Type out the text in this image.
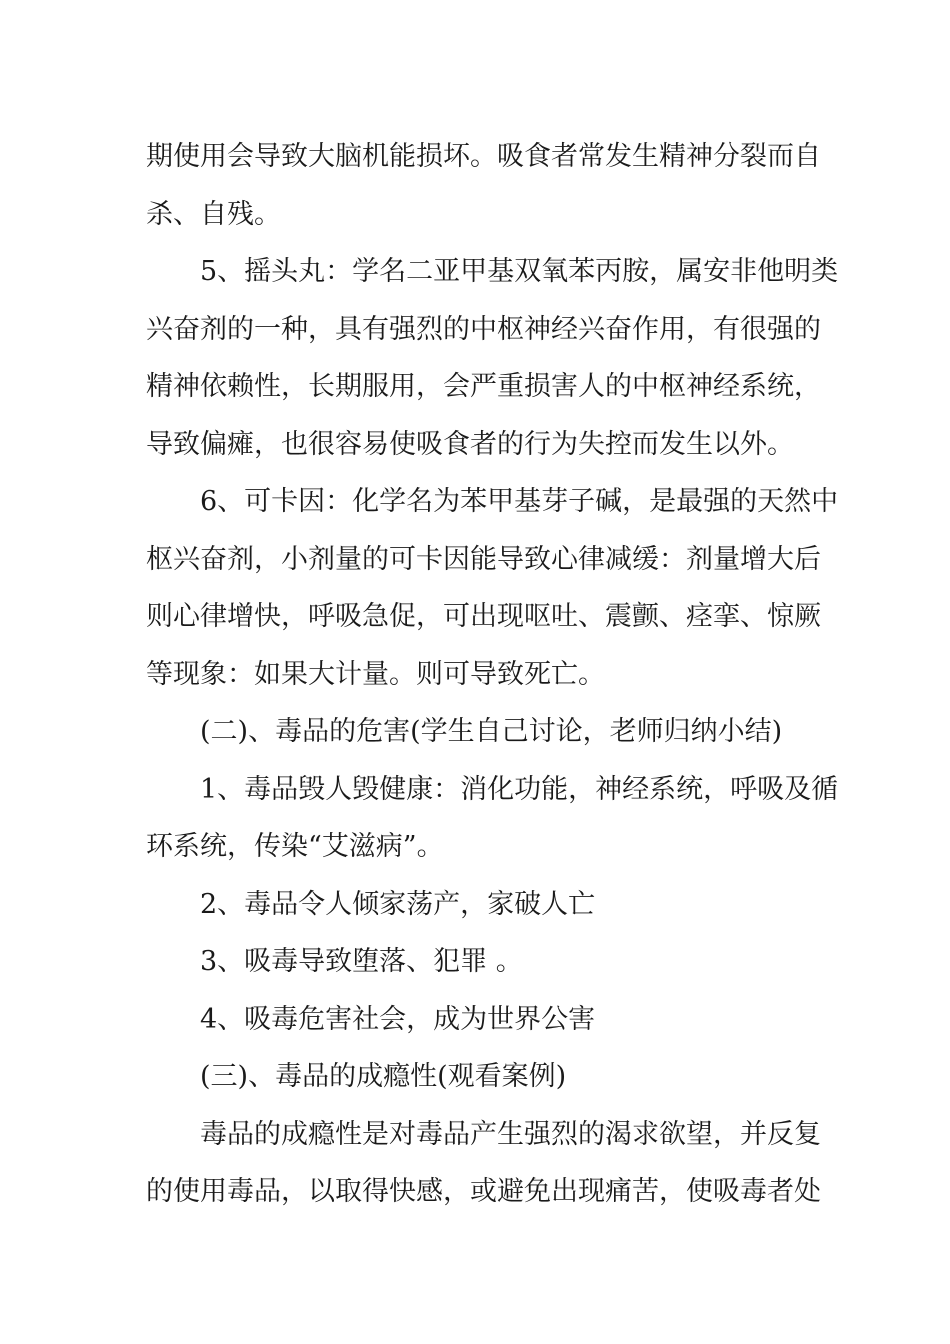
期使用会导致大脑机能损坏。吸食者常发生精神分裂而自
杀、自残。
5、摇头丸：学名二亚甲基双氧苯丙胺，属安非他明类
兴奋剂的一种，具有强烈的中枢神经兴奋作用，有很强的
精神依赖性，长期服用，会严重损害人的中枢神经系统，
导致偏瘫，也很容易使吸食者的行为失控而发生以外。
6、可卡因：化学名为苯甲基芽子碱，是最强的天然中
枢兴奋剂，小剂量的可卡因能导致心律减缓：剂量增大后
则心律增快，呼吸急促，可出现呕吐、震颤、痉挛、惊厥
等现象：如果大计量。则可导致死亡。
(二)、毒品的危害(学生自己讨论，老师归纳小结)
1、毒品毁人毁健康：消化功能，神经系统，呼吸及循
环系统，传染“艾滋病”。
2、毒品令人倾家荡产，家破人亡
3、吸毒导致堕落、犯罪 。
4、吸毒危害社会，成为世界公害
(三)、毒品的成瘾性(观看案例)
毒品的成瘾性是对毒品产生强烈的渴求欲望，并反复
的使用毒品，以取得快感，或避免出现痛苦，使吸毒者处
